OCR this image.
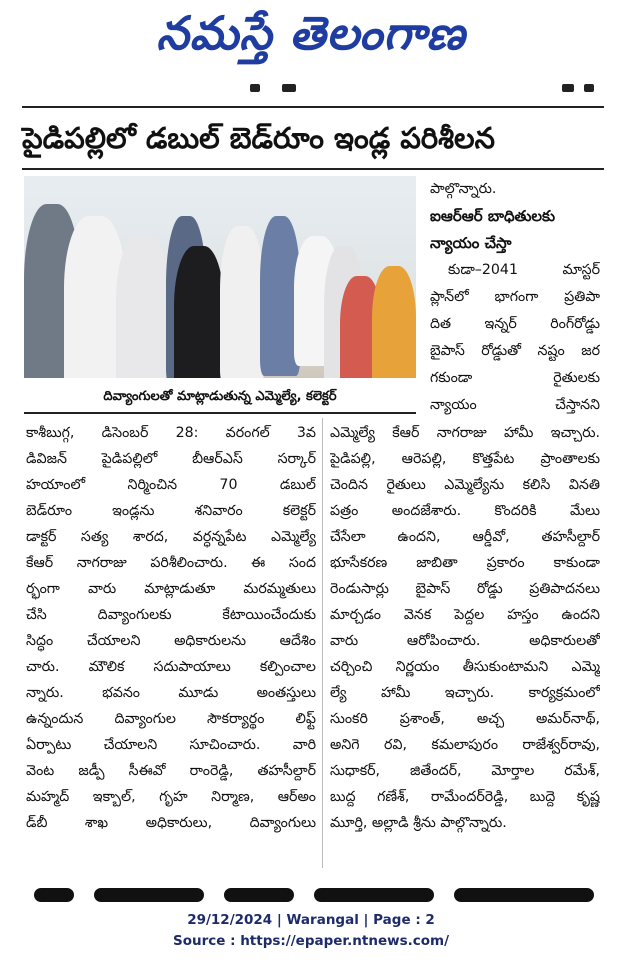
నమస్తే తెలంగాణ
పైడిపల్లిలో డబుల్ బెడ్‌రూం ఇండ్ల పరిశీలన
దివ్యాంగులతో మాట్లాడుతున్న ఎమ్మెల్యే, కలెక్టర్
పాల్గొన్నారు.
ఐఆర్ఆర్ బాధితులకు
న్యాయం చేస్తా
కుడా–2041 మాస్టర్
ప్లాన్‌లో భాగంగా ప్రతిపా
దిత ఇన్నర్ రింగ్‌రోడ్డు
బైపాస్ రోడ్డుతో నష్టం జర
గకుండా రైతులకు
న్యాయం చేస్తానని
కాశీబుగ్గ, డిసెంబర్ 28: వరంగల్ 3వ
డివిజన్ పైడిపల్లిలో బీఆర్ఎస్ సర్కార్
హయాంలో నిర్మించిన 70 డబుల్
బెడ్‌రూం ఇండ్లను శనివారం కలెక్టర్
డాక్టర్ సత్య శారద, వర్ధన్నపేట ఎమ్మెల్యే
కేఆర్ నాగరాజు పరిశీలించారు. ఈ సంద
ర్భంగా వారు మాట్లాడుతూ మరమ్మతులు
చేసి దివ్యాంగులకు కేటాయించేందుకు
సిద్ధం చేయాలని అధికారులను ఆదేశిం
చారు. మౌలిక సదుపాయాలు కల్పించాల
న్నారు. భవనం మూడు అంతస్తులు
ఉన్నందున దివ్యాంగుల సౌకర్యార్థం లిఫ్ట్
ఏర్పాటు చేయాలని సూచించారు. వారి
వెంట జడ్పీ సీఈవో రాంరెడ్డి, తహసీల్దార్
మహ్మద్ ఇక్బాల్, గృహ నిర్మాణ, ఆర్అం
డ్‌బీ శాఖ అధికారులు, దివ్యాంగులు
ఎమ్మెల్యే కేఆర్ నాగరాజు హామీ ఇచ్చారు.
పైడిపల్లి, ఆరెపల్లి, కొత్తపేట ప్రాంతాలకు
చెందిన రైతులు ఎమ్మెల్యేను కలిసి వినతి
పత్రం అందజేశారు. కొందరికి మేలు
చేసేలా ఉందని, ఆర్డీవో, తహసీల్దార్
భూసేకరణ జాబితా ప్రకారం కాకుండా
రెండుసార్లు బైపాస్ రోడ్డు ప్రతిపాదనలు
మార్చడం వెనక పెద్దల హస్తం ఉందని
వారు ఆరోపించారు. అధికారులతో
చర్చించి నిర్ణయం తీసుకుంటామని ఎమ్మె
ల్యే హామీ ఇచ్చారు. కార్యక్రమంలో
సుంకరి ప్రశాంత్, అచ్చ అమర్‌నాథ్,
అనిగె రవి, కమలాపురం రాజేశ్వర్‌రావు,
సుధాకర్, జితేందర్, మోర్తాల రమేశ్,
బుద్ద గణేశ్, రామేందర్‌రెడ్డి, బుద్దె కృష్ణ
మూర్తి, అల్లాడి శ్రీను పాల్గొన్నారు.
29/12/2024 | Warangal | Page : 2
Source : https://epaper.ntnews.com/
